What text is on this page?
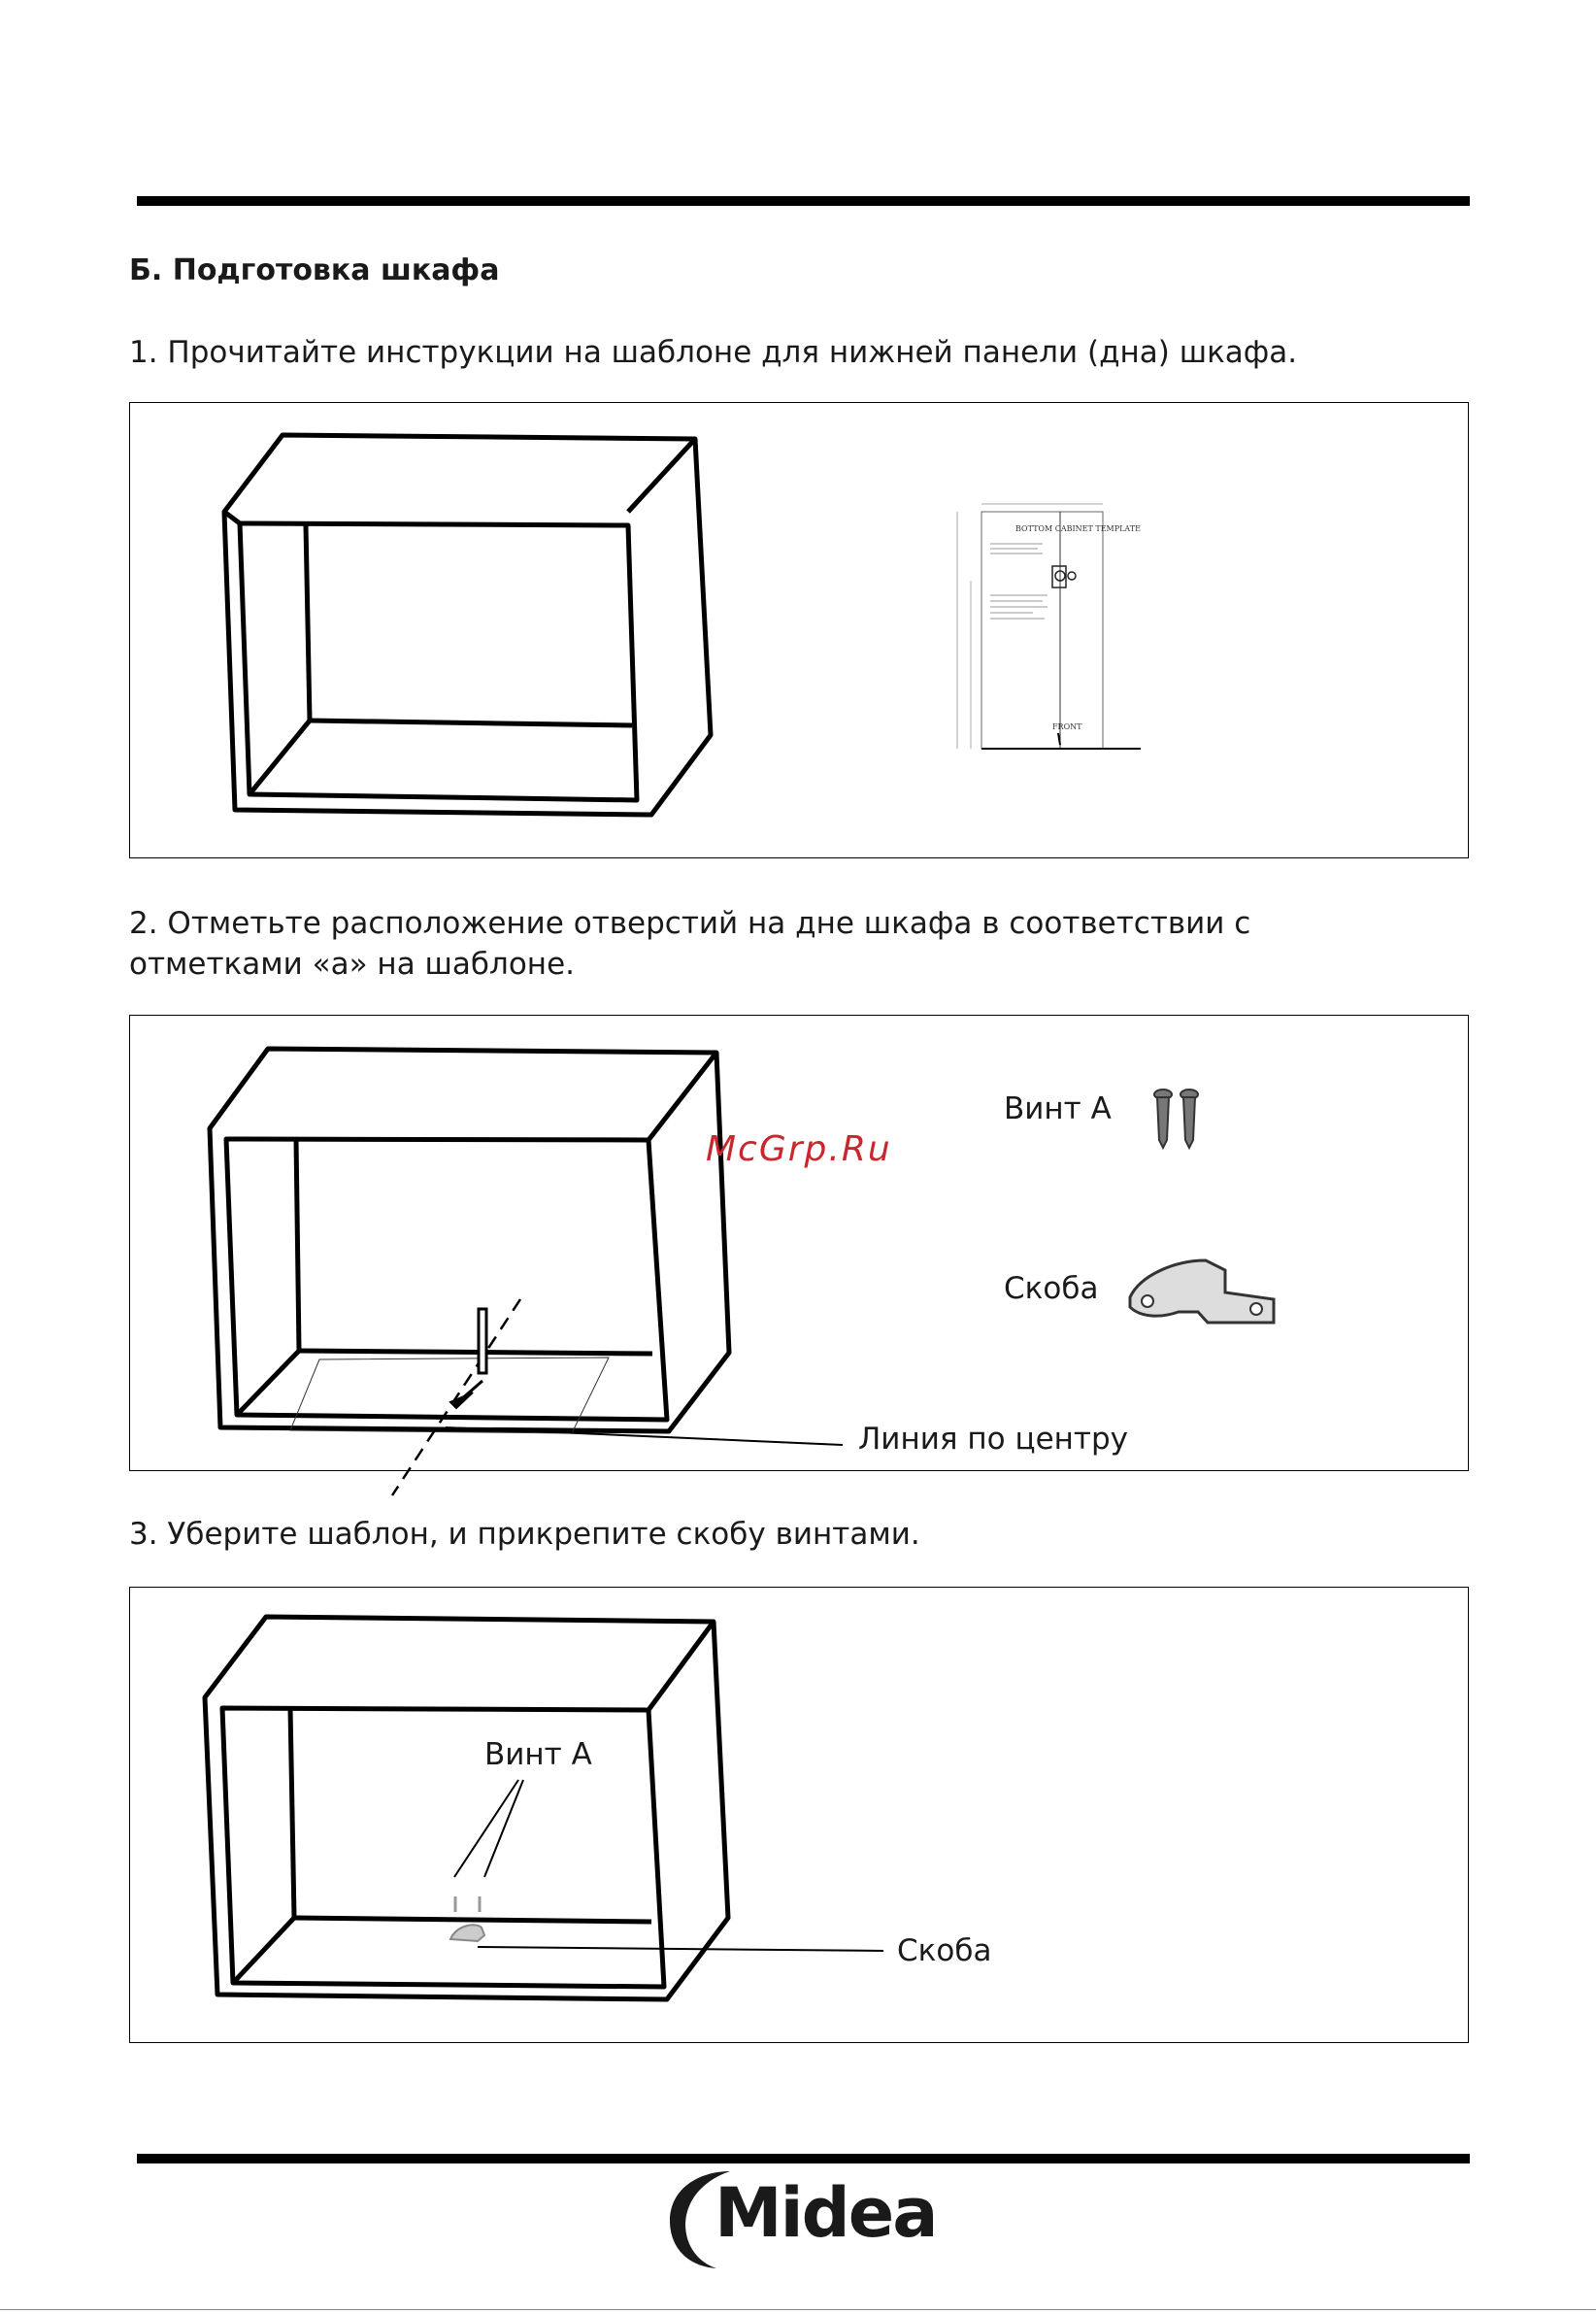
Б. Подготовка шкафа
1. Прочитайте инструкции на шаблоне для нижней панели (дна) шкафа.
BOTTOM CABINET TEMPLATE
FRONT
2. Отметьте расположение отверстий на дне шкафа в соответствии с отметками «а» на шаблоне.
Винт А
Скоба
Линия по центру
McGrp.Ru
3. Уберите шаблон, и прикрепите скобу винтами.
Винт А
Скоба
Midea
